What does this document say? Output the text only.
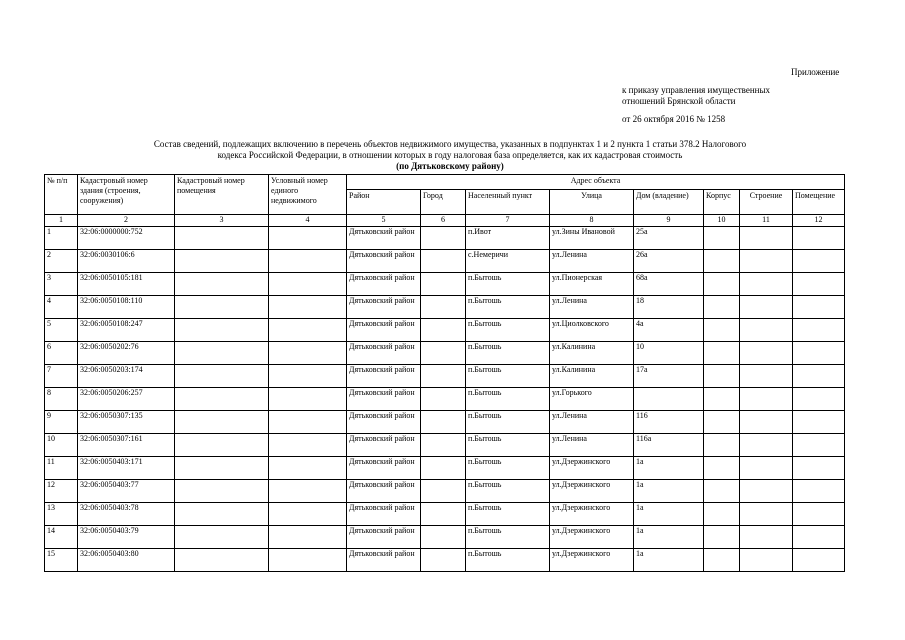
Приложение
к приказу управления имущественных
отношений Брянской области
от 26 октября 2016 № 1258
Состав сведений, подлежащих включению в перечень объектов недвижимого имущества, указанных в подпунктах 1 и 2 пункта 1 статьи 378.2 Налогового
кодекса Российской Федерации, в отношении которых в году налоговая база определяется, как их кадастровая стоимость
(по Дятьковскому району)
№ п/п	Кадастровый номер здания (строения, сооружения)	Кадастровый номер помещения	Условный номер единого недвижимого	Адрес объекта							
				Район	Город	Населенный пункт	Улица	Дом (владение)	Корпус	Строение	Помещение
1	2	3	4	5	6	7	8	9	10	11	12
1	32:06:0000000:752			Дятьковский район		п.Ивот	ул.Зины Ивановой	25а			
2	32:06:0030106:6			Дятьковский район		с.Немеричи	ул.Ленина	26а			
3	32:06:0050105:181			Дятьковский район		п.Бытошь	ул.Пионерская	68а			
4	32:06:0050108:110			Дятьковский район		п.Бытошь	ул.Ленина	18			
5	32:06:0050108:247			Дятьковский район		п.Бытошь	ул.Циолковского	4а			
6	32:06:0050202:76			Дятьковский район		п.Бытошь	ул.Калинина	10			
7	32:06:0050203:174			Дятьковский район		п.Бытошь	ул.Калинина	17а			
8	32:06:0050206:257			Дятьковский район		п.Бытошь	ул.Горького				
9	32:06:0050307:135			Дятьковский район		п.Бытошь	ул.Ленина	116			
10	32:06:0050307:161			Дятьковский район		п.Бытошь	ул.Ленина	116а			
11	32:06:0050403:171			Дятьковский район		п.Бытошь	ул.Дзержинского	1а			
12	32:06:0050403:77			Дятьковский район		п.Бытошь	ул.Дзержинского	1а			
13	32:06:0050403:78			Дятьковский район		п.Бытошь	ул.Дзержинского	1а			
14	32:06:0050403:79			Дятьковский район		п.Бытошь	ул.Дзержинского	1а			
15	32:06:0050403:80			Дятьковский район		п.Бытошь	ул.Дзержинского	1а			
